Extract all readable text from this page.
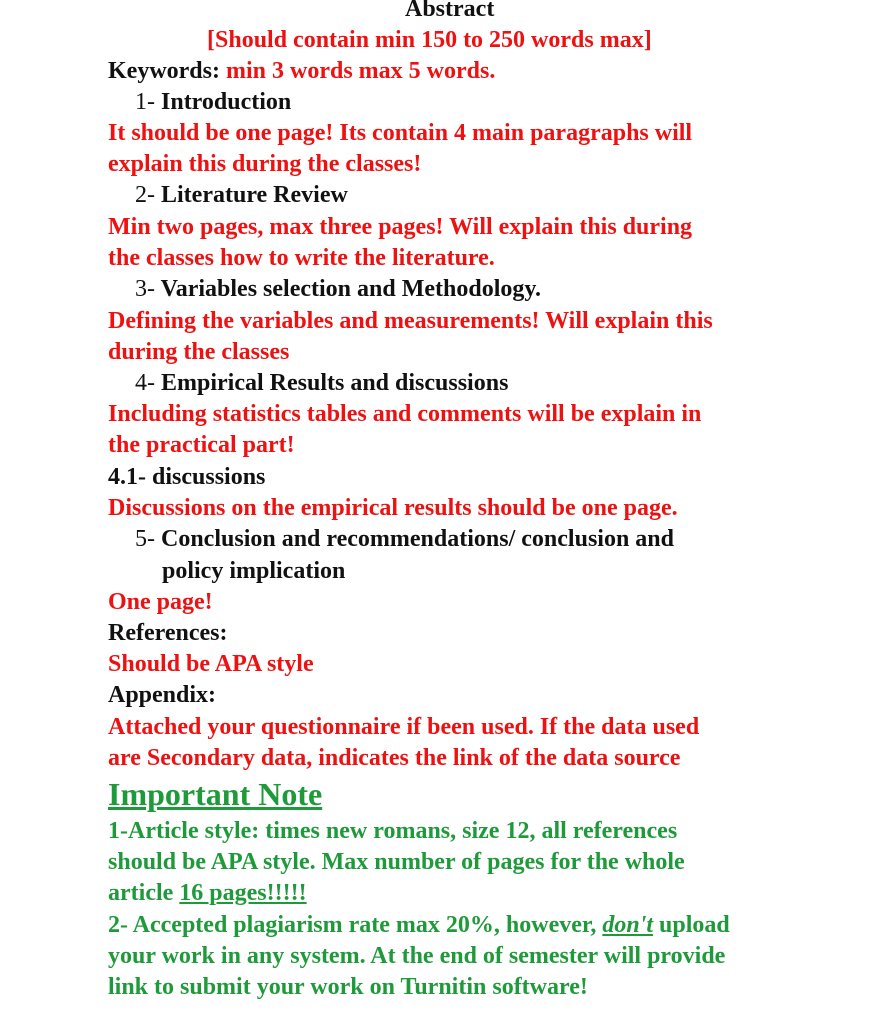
Abstract
[Should contain min 150 to 250 words max]
Keywords: min 3 words max 5 words.
1- Introduction
It should be one page! Its contain 4 main paragraphs will
explain this during the classes!
2- Literature Review
Min two pages, max three pages! Will explain this during
the classes how to write the literature.
3- Variables selection and Methodology.
Defining the variables and measurements! Will explain this
during the classes
4- Empirical Results and discussions
Including statistics tables and comments will be explain in
the practical part!
4.1- discussions
Discussions on the empirical results should be one page.
5- Conclusion and recommendations/ conclusion and
policy implication
One page!
References:
Should be APA style
Appendix:
Attached your questionnaire if been used. If the data used
are Secondary data, indicates the link of the data source
Important Note
1-Article style: times new romans, size 12, all references
should be APA style. Max number of pages for the whole
article 16 pages!!!!!
2- Accepted plagiarism rate max 20%, however, don't upload
your work in any system. At the end of semester will provide
link to submit your work on Turnitin software!
